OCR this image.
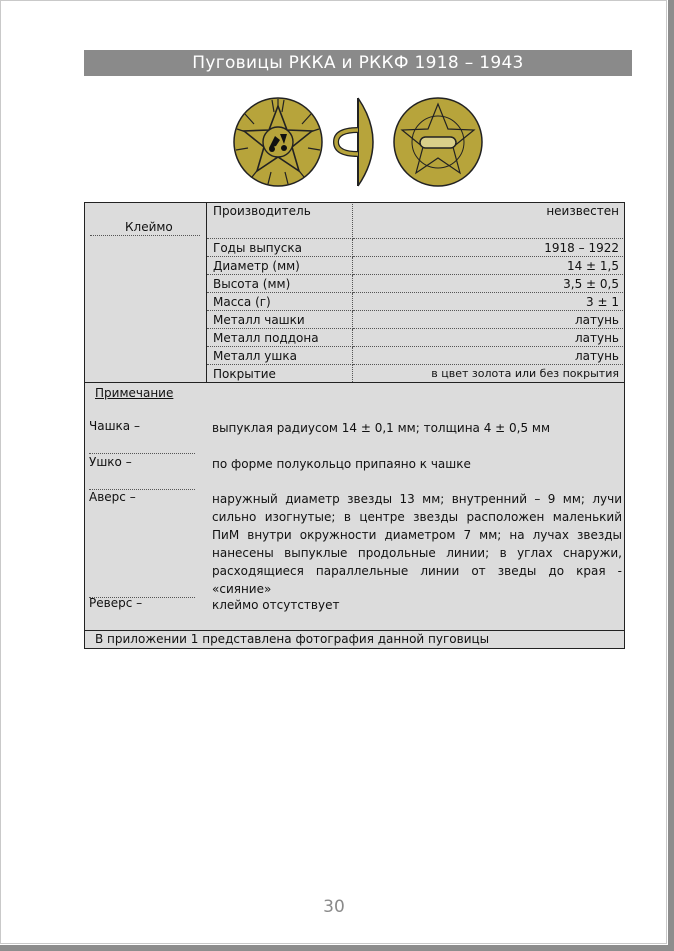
Пуговицы РККА и РККФ 1918 – 1943
Клеймо	Производитель	неизвестен
	Годы выпуска	1918 – 1922
	Диаметр (мм)	14 ± 1,5
	Высота (мм)	3,5 ± 0,5
	Масса (г)	3 ± 1
	Металл чашки	латунь
	Металл поддона	латунь
	Металл ушка	латунь
	Покрытие	в цвет золота или без покрытия
Примечание
Чашка –	выпуклая радиусом 14 ± 0,1 мм; толщина 4 ± 0,5 мм
Ушко –	по форме полукольцо припаяно к чашке
Аверс –	наружный диаметр звезды 13 мм; внутренний – 9 мм; лучи сильно изогнутые; в центре звезды расположен маленький ПиМ внутри окружности диаметром 7 мм; на лучах звезды нанесены выпуклые продольные линии; в углах снаружи, расходящиеся параллельные линии от зведы до края - «сияние»
Реверс –	клеймо отсутствует
В приложении 1 представлена фотография данной пуговицы
30
